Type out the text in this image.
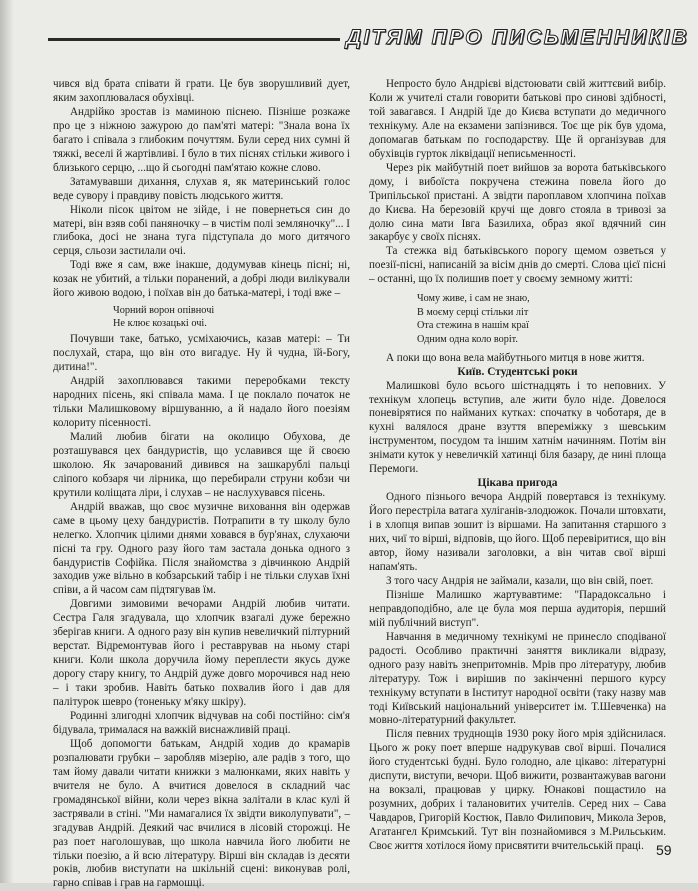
ДІТЯМ ПРО ПИСЬМЕННИКІВ

чився від брата співати й грати. Це був зворушливий дует, яким захоплювалася обухівці.

Андрійко зростав із маминою піснею. Пізніше розкаже про це з ніжною зажурою до пам'яті матері: "Знала вона їх багато і співала з глибоким почуттям. Були серед них сумні й тяжкі, веселі й жартівливі. І було в тих піснях стільки живого і близького серцю, ...що й сьогодні пам'ятаю кожне слово.

Затамувавши дихання, слухав я, як материнський голос веде сувору і правдиву повість людського життя.

Ніколи пісок цвітом не зійде, і не повернеться син до матері, він взяв собі паняночку – в чистім полі земляночку"... І глибока, досі не знана туга підступала до мого дитячого серця, сльози застилали очі.

Тоді вже я сам, вже інакше, додумував кінець пісні; ні, козак не убитий, а тільки поранений, а добрі люди вилікували його живою водою, і поїхав він до батька-матері, і тоді вже –

Чорний ворон опівночі
Не клює козацькі очі.

Почувши таке, батько, усміхаючись, казав матері: – Ти послухай, стара, що він ото вигадує. Ну й чудна, їй-Богу, дитина!".

Андрій захоплювався такими переробками тексту народних пісень, які співала мама. І це поклало початок не тільки Малишковому віршуванню, а й надало його поезіям колориту пісенності.

Малий любив бігати на околицю Обухова, де розташувався цех бандуристів, що уславився ще й своєю школою. Як зачарований дивився на зашкарублі пальці сліпого кобзаря чи лірника, що перебирали струни кобзи чи крутили коліщата ліри, і слухав – не наслухувався пісень.

Андрій вважав, що своє музичне виховання він одержав саме в цьому цеху бандуристів. Потрапити в ту школу було нелегко. Хлопчик цілими днями ховався в бур'янах, слухаючи пісні та гру. Одного разу його там застала донька одного з бандуристів Софійка. Після знайомства з дівчинкою Андрій заходив уже вільно в кобзарський табір і не тільки слухав їхні співи, а й часом сам підтягував їм.

Довгими зимовими вечорами Андрій любив читати. Сестра Галя згадувала, що хлопчик взагалі дуже бережно зберігав книги. А одного разу він купив невеличкий пілтурний верстат. Відремонтував його і реставрував на ньому старі книги. Коли школа доручила йому переплести якусь дуже дорогу стару книгу, то Андрій дуже довго морочився над нею – і таки зробив. Навіть батько похвалив його і дав для палітурок шевро (тоненьку м'яку шкіру).

Родинні злигодні хлопчик відчував на собі постійно: сім'я бідувала, трималася на важкій виснажливій праці.

Щоб допомогти батькам, Андрій ходив до крамарів розпалювати грубки – заробляв мізерію, але радів з того, що там йому давали читати книжки з малюнками, яких навіть у вчителя не було. А вчитися довелося в складний час громадянської війни, коли через вікна залітали в клас кулі й застрявали в стіні. "Ми намагалися їх звідти виколупувати", – згадував Андрій. Деякий час вчилися в лісовій сторожці. Не раз поет наголошував, що школа навчила його любити не тільки поезію, а й всю літературу. Вірші він складав із десяти років, любив виступати на шкільній сцені: виконував ролі, гарно співав і грав на гармошці.

Непросто було Андрієві відстоювати свій життєвий вибір. Коли ж учителі стали говорити батькові про синові здібності, той завагався. І Андрій їде до Києва вступати до медичного технікуму. Але на екзамени запізнився. Тоє ще рік був удома, допомагав батькам по господарству. Ще й організував для обухівців гурток ліквідації неписьменності.

Через рік майбутній поет вийшов за ворота батьківського дому, і вибоїста покручена стежина повела його до Трипільської пристані. А звідти пароплавом хлопчина поїхав до Києва. На березовій кручі ще довго стояла в тривозі за долю сина мати Івга Базилиха, образ якої вдячний син закарбує у своїх піснях.

Та стежка від батьківського порогу щемом озветься у поезії-пісні, написаній за вісім днів до смерті. Слова цієї пісні – останні, що їх полишив поет у своєму земному житті:

Чому живе, і сам не знаю,
В моєму серці стільки літ
Ота стежина в нашім краї
Одним одна коло воріт.

А поки що вона вела майбутнього митця в нове життя.

Київ. Студентські роки

Малишкові було всього шістнадцять і то неповних. У технікум хлопець вступив, але жити було ніде. Довелося поневірятися по найманих кутках: спочатку в чоботаря, де в кухні валялося дране взуття впереміжку з шевським інструментом, посудом та іншим хатнім начинням. Потім він знімати куток у невеличкій хатинці біля базару, де нині площа Перемоги.

Цікава пригода

Одного пізнього вечора Андрій повертався із технікуму. Його перестріла ватага хуліганів-злодюжок. Почали штовхати, і в хлопця випав зошит із віршами. На запитання старшого з них, чиї то вірші, відповів, що його. Щоб перевіритися, що він автор, йому називали заголовки, а він читав свої вірші напам'ять.

З того часу Андрія не займали, казали, що він свій, поет.

Пізніше Малишко жартувавтиме: "Парадоксально і неправдоподібно, але це була моя перша аудиторія, перший мій публічний виступ".

Навчання в медичному технікумі не принесло сподіваної радості. Особливо практичні заняття викликали відразу, одного разу навіть знепритомнів. Мрів про літературу, любив літературу. Тож і вирішив по закінченні першого курсу технікуму вступати в Інститут народної освіти (таку назву мав тоді Київський національний університет ім. Т.Шевченка) на мовно-літературний факультет.

Після певних труднощів 1930 року його мрія здійснилася. Цього ж року поет вперше надрукував свої вірші. Почалися його студентські будні. Було голодно, але цікаво: літературні диспути, виступи, вечори. Щоб вижити, розвантажував вагони на вокзалі, працював у цирку. Юнакові пощастило на розумних, добрих і талановитих учителів. Серед них – Сава Чавдаров, Григорій Костюк, Павло Филипович, Микола Зеров, Агатангел Кримський. Тут він познайомився з М.Рильським. Своє життя хотілося йому присвятити вчительській праці. 59
